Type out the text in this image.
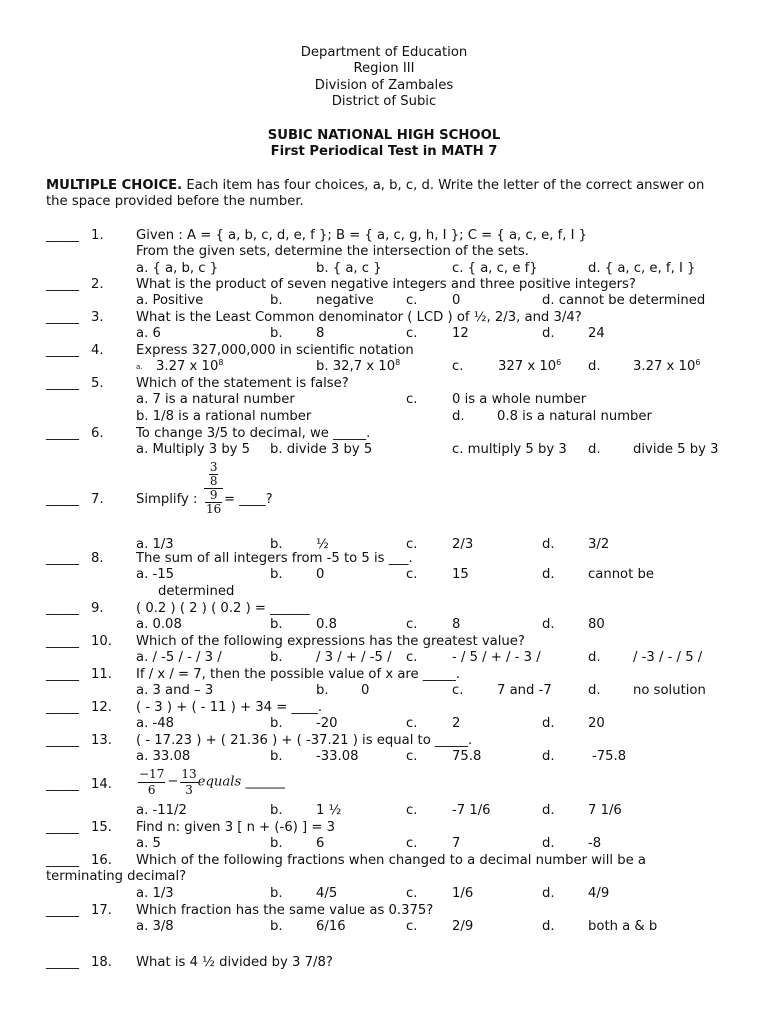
Department of Education
Region III
Division of Zambales
District of Subic
SUBIC NATIONAL HIGH SCHOOL
First Periodical Test in MATH 7
MULTIPLE CHOICE. Each item has four choices, a, b, c, d. Write the letter of the correct answer on the space provided before the number.
_____ 1. Given : A = { a, b, c, d, e, f }; B = { a, c, g, h, I }; C = { a, c, e, f, I }
From the given sets, determine the intersection of the sets.
a. { a, b, c }	b. { a, c }	c. { a, c, e f}	d. { a, c, e, f, I }
_____ 2. What is the product of seven negative integers and three positive integers?
a. Positive	b.	negative c.	0	d. cannot be determined
_____ 3. What is the Least Common denominator ( LCD ) of ½, 2/3, and 3/4?
a. 6	b.	8	c.	12	d.	24
_____ 4. Express 327,000,000 in scientific notation
a. 3.27 x $10^8$	b. 32,7 x $10^8$	c.	327 x $10^6$ d. 3.27 x $10^6$
_____ 5. Which of the statement is false?
a. 7 is a natural number	c.	0 is a whole number
b. 1/8 is a rational number	d. 0.8 is a natural number
_____ 6. To change 3/5 to decimal, we _____.
a. Multiply 3 by 5 b. divide 3 by 5	c. multiply 5 by 3 d. divide 5 by 3
_____ 7. Simplify : $\frac{\frac{3}{8}}{\frac{9}{16}}$ = ____?
a. 1/3	b.	½	c.	2/3	d.	3/2
_____ 8. The sum of all integers from -5 to 5 is ___.
a. -15	b.	0	c.	15	d.	cannot be
determined
_____ 9. ( 0.2 ) ( 2 ) ( 0.2 ) = ______
a. 0.08	b.	0.8	c.	8	d.	80
_____ 10. Which of the following expressions has the greatest value?
a. / -5 / - / 3 /	b.	/ 3 / + / -5 / c.	- / 5 / + / - 3 /	d. / -3 / - / 5 /
_____ 11. If / x / = 7, then the possible value of x are _____.
a. 3 and – 3	b. 0	c.	7 and -7	d. no solution
_____ 12. ( - 3 ) + ( - 11 ) + 34 = ____.
a. -48	b.	-20	c.	2	d.	20
_____ 13. ( - 17.23 ) + ( 21.36 ) + ( -37.21 ) is equal to _____.
a. 33.08	b.	-33.08	c.	75.8	d.	-75.8
_____ 14. $\frac{-17}{6} - \frac{13}{3}$ equals ______
a. -11/2	b.	1 ½	c.	-7 1/6	d.	7 1/6
_____ 15. Find n: given 3 [ n + (-6) ] = 3
a. 5	b.	6	c.	7	d.	-8
_____ 16. Which of the following fractions when changed to a decimal number will be a
terminating decimal?
a. 1/3	b.	4/5	c.	1/6	d.	4/9
_____ 17. Which fraction has the same value as 0.375?
a. 3/8	b.	6/16	c.	2/9	d.	both a & b
_____ 18. What is 4 ½ divided by 3 7/8?
